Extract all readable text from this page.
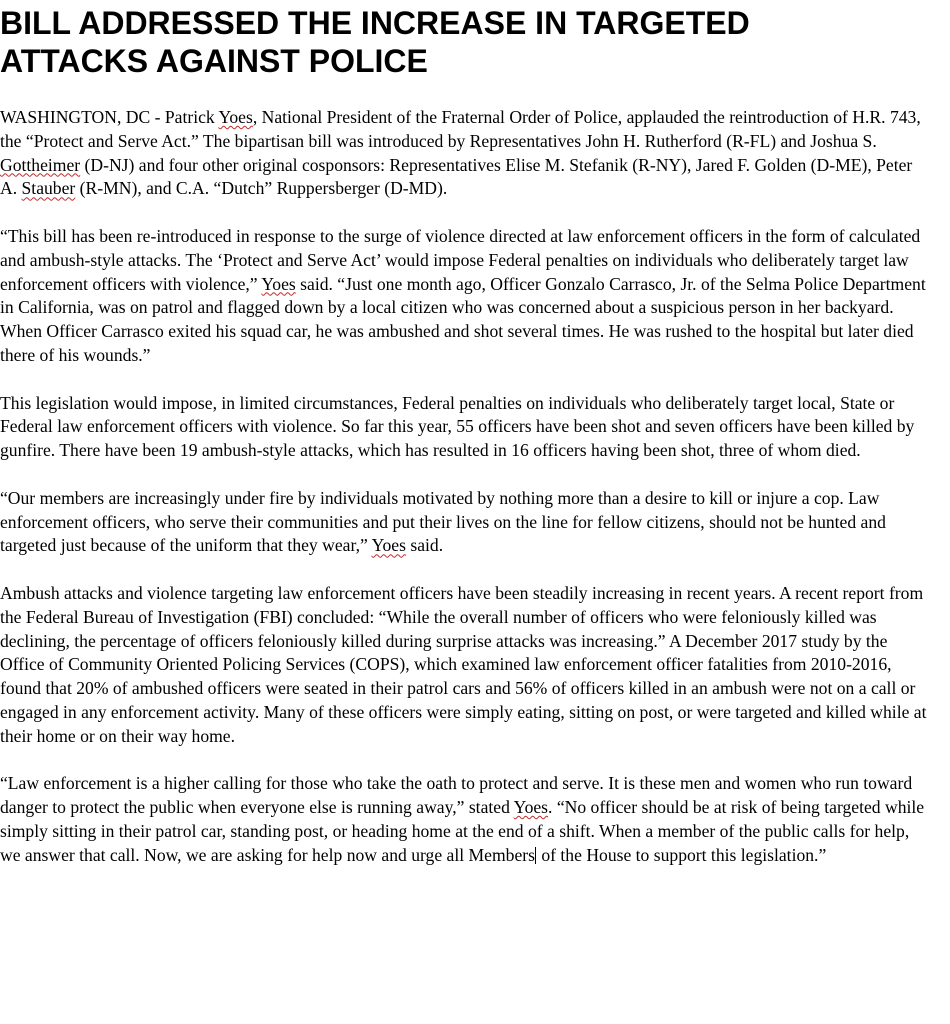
BILL ADDRESSED THE INCREASE IN TARGETED
ATTACKS AGAINST POLICE

WASHINGTON, DC - Patrick Yoes, National President of the Fraternal Order of Police, applauded the reintroduction of H.R. 743, the “Protect and Serve Act.” The bipartisan bill was introduced by Representatives John H. Rutherford (R-FL) and Joshua S. Gottheimer (D-NJ) and four other original cosponsors: Representatives Elise M. Stefanik (R-NY), Jared F. Golden (D-ME), Peter A. Stauber (R-MN), and C.A. “Dutch” Ruppersberger (D-MD).

“This bill has been re-introduced in response to the surge of violence directed at law enforcement officers in the form of calculated and ambush-style attacks. The ‘Protect and Serve Act’ would impose Federal penalties on individuals who deliberately target law enforcement officers with violence,” Yoes said. “Just one month ago, Officer Gonzalo Carrasco, Jr. of the Selma Police Department in California, was on patrol and flagged down by a local citizen who was concerned about a suspicious person in her backyard. When Officer Carrasco exited his squad car, he was ambushed and shot several times. He was rushed to the hospital but later died there of his wounds.”

This legislation would impose, in limited circumstances, Federal penalties on individuals who deliberately target local, State or Federal law enforcement officers with violence. So far this year, 55 officers have been shot and seven officers have been killed by gunfire. There have been 19 ambush-style attacks, which has resulted in 16 officers having been shot, three of whom died.

“Our members are increasingly under fire by individuals motivated by nothing more than a desire to kill or injure a cop. Law enforcement officers, who serve their communities and put their lives on the line for fellow citizens, should not be hunted and targeted just because of the uniform that they wear,” Yoes said.

Ambush attacks and violence targeting law enforcement officers have been steadily increasing in recent years. A recent report from the Federal Bureau of Investigation (FBI) concluded: “While the overall number of officers who were feloniously killed was declining, the percentage of officers feloniously killed during surprise attacks was increasing.” A December 2017 study by the Office of Community Oriented Policing Services (COPS), which examined law enforcement officer fatalities from 2010-2016, found that 20% of ambushed officers were seated in their patrol cars and 56% of officers killed in an ambush were not on a call or engaged in any enforcement activity. Many of these officers were simply eating, sitting on post, or were targeted and killed while at their home or on their way home.

“Law enforcement is a higher calling for those who take the oath to protect and serve. It is these men and women who run toward danger to protect the public when everyone else is running away,” stated Yoes. “No officer should be at risk of being targeted while simply sitting in their patrol car, standing post, or heading home at the end of a shift. When a member of the public calls for help, we answer that call. Now, we are asking for help now and urge all Members of the House to support this legislation.”
